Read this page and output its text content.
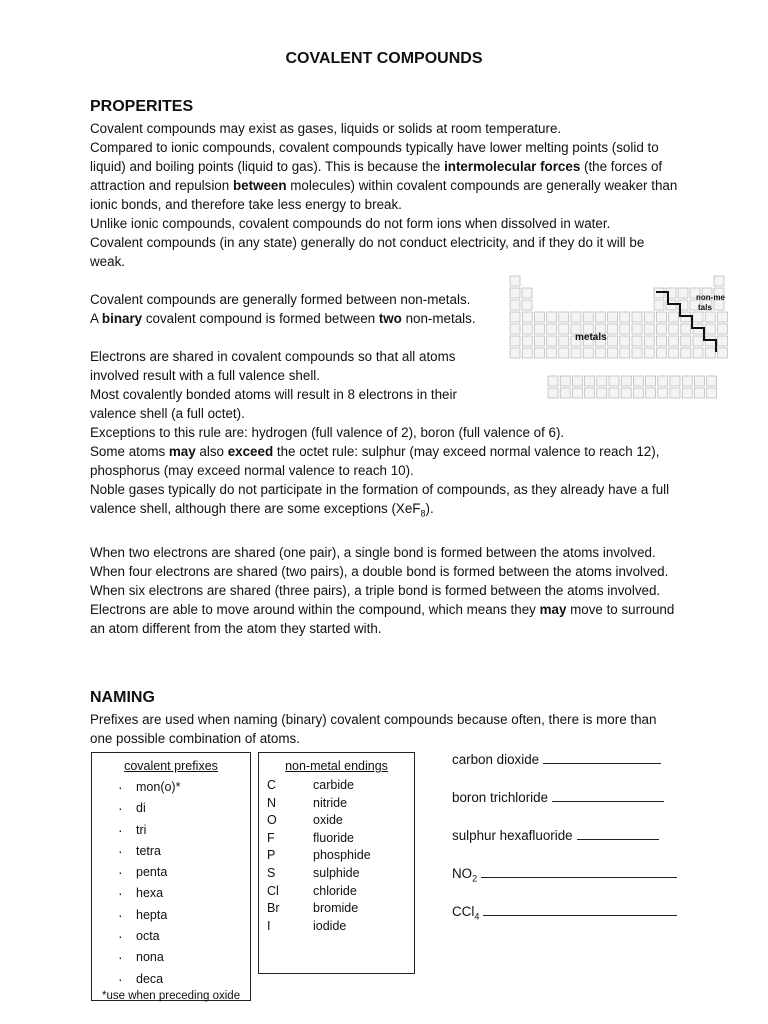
COVALENT COMPOUNDS
PROPERITES

Covalent compounds may exist as gases, liquids or solids at room temperature.

Compared to ionic compounds, covalent compounds typically have lower melting points (solid to liquid) and boiling points (liquid to gas). This is because the intermolecular forces (the forces of attraction and repulsion between molecules) within covalent compounds are generally weaker than ionic bonds, and therefore take less energy to break.

Unlike ionic compounds, covalent compounds do not form ions when dissolved in water.

Covalent compounds (in any state) generally do not conduct electricity, and if they do it will be weak.

Covalent compounds are generally formed between non-metals.

A binary covalent compound is formed between two non-metals.

Electrons are shared in covalent compounds so that all atoms involved result with a full valence shell.

Most covalently bonded atoms will result in 8 electrons in their valence shell (a full octet).

Exceptions to this rule are: hydrogen (full valence of 2), boron (full valence of 6).

Some atoms may also exceed the octet rule: sulphur (may exceed normal valence to reach 12), phosphorus (may exceed normal valence to reach 10).

Noble gases typically do not participate in the formation of compounds, as they already have a full valence shell, although there are some exceptions (XeF$_8$).

When two electrons are shared (one pair), a single bond is formed between the atoms involved.

When four electrons are shared (two pairs), a double bond is formed between the atoms involved.

When six electrons are shared (three pairs), a triple bond is formed between the atoms involved.

Electrons are able to move around within the compound, which means they may move to surround an atom different from the atom they started with.

metals
non-me
tals
NAMING
Prefixes are used when naming (binary) covalent compounds because often, there is more than one possible combination of atoms.
covalent prefixes
· mon(o)*
· di
· tri
· tetra
· penta
· hexa
· hepta
· octa
· nona
· deca
*use when preceding oxide
non-metal endings
C	carbide
N	nitride
O	oxide
F	fluoride
P	phosphide
S	sulphide
Cl	chloride
Br	bromide
I	iodide
carbon dioxide
boron trichloride
sulphur hexafluoride
$NO_2$
CCl$_4$
